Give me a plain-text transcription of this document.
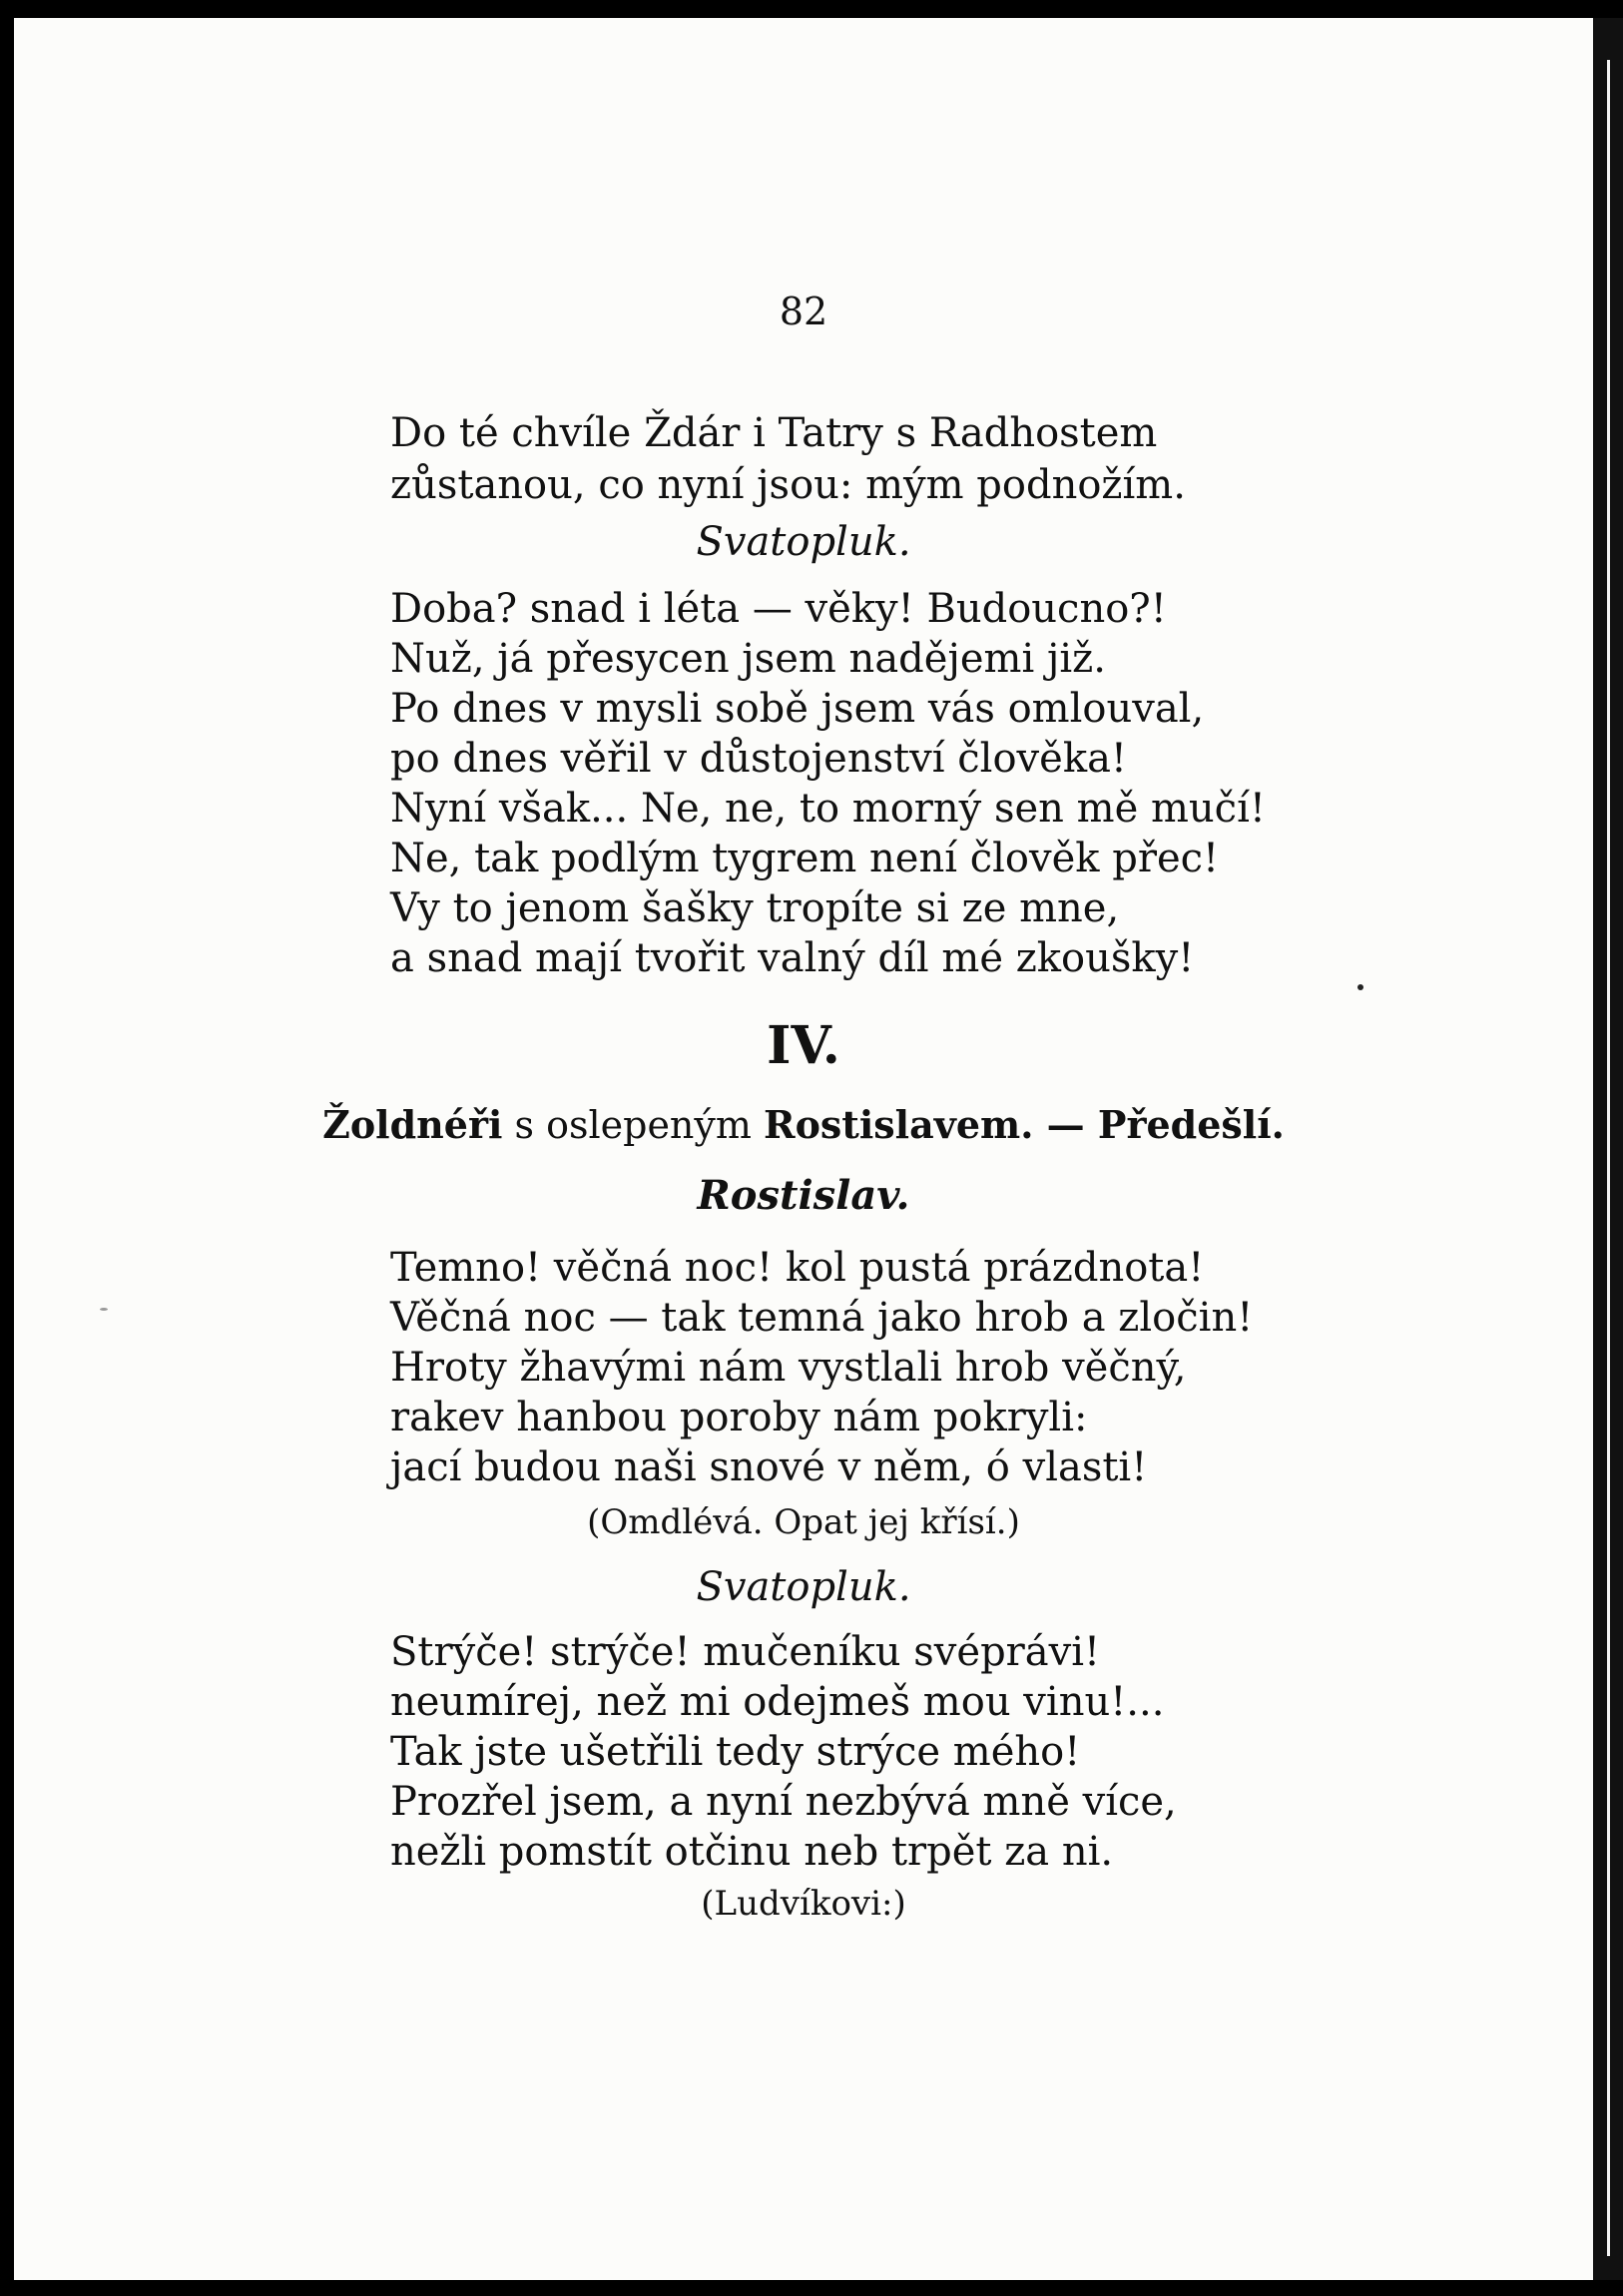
82
Do té chvíle Ždár i Tatry s Radhostem
zůstanou, co nyní jsou: mým podnožím.
Svatopluk.
Doba? snad i léta — věky! Budoucno?!
Nuž, já přesycen jsem nadějemi již.
Po dnes v mysli sobě jsem vás omlouval,
po dnes věřil v důstojenství člověka!
Nyní však... Ne, ne, to morný sen mě mučí!
Ne, tak podlým tygrem není člověk přec!
Vy to jenom šašky tropíte si ze mne,
a snad mají tvořit valný díl mé zkoušky!
IV.
Žoldnéři s oslepeným Rostislavem. — Předešlí.
Rostislav.
Temno! věčná noc! kol pustá prázdnota!
Věčná noc — tak temná jako hrob a zločin!
Hroty žhavými nám vystlali hrob věčný,
rakev hanbou poroby nám pokryli:
jací budou naši snové v něm, ó vlasti!
(Omdlévá. Opat jej křísí.)
Svatopluk.
Strýče! strýče! mučeníku svéprávi!
neumírej, než mi odejmeš mou vinu!...
Tak jste ušetřili tedy strýce mého!
Prozřel jsem, a nyní nezbývá mně více,
nežli pomstít otčinu neb trpět za ni.
(Ludvíkovi:)
